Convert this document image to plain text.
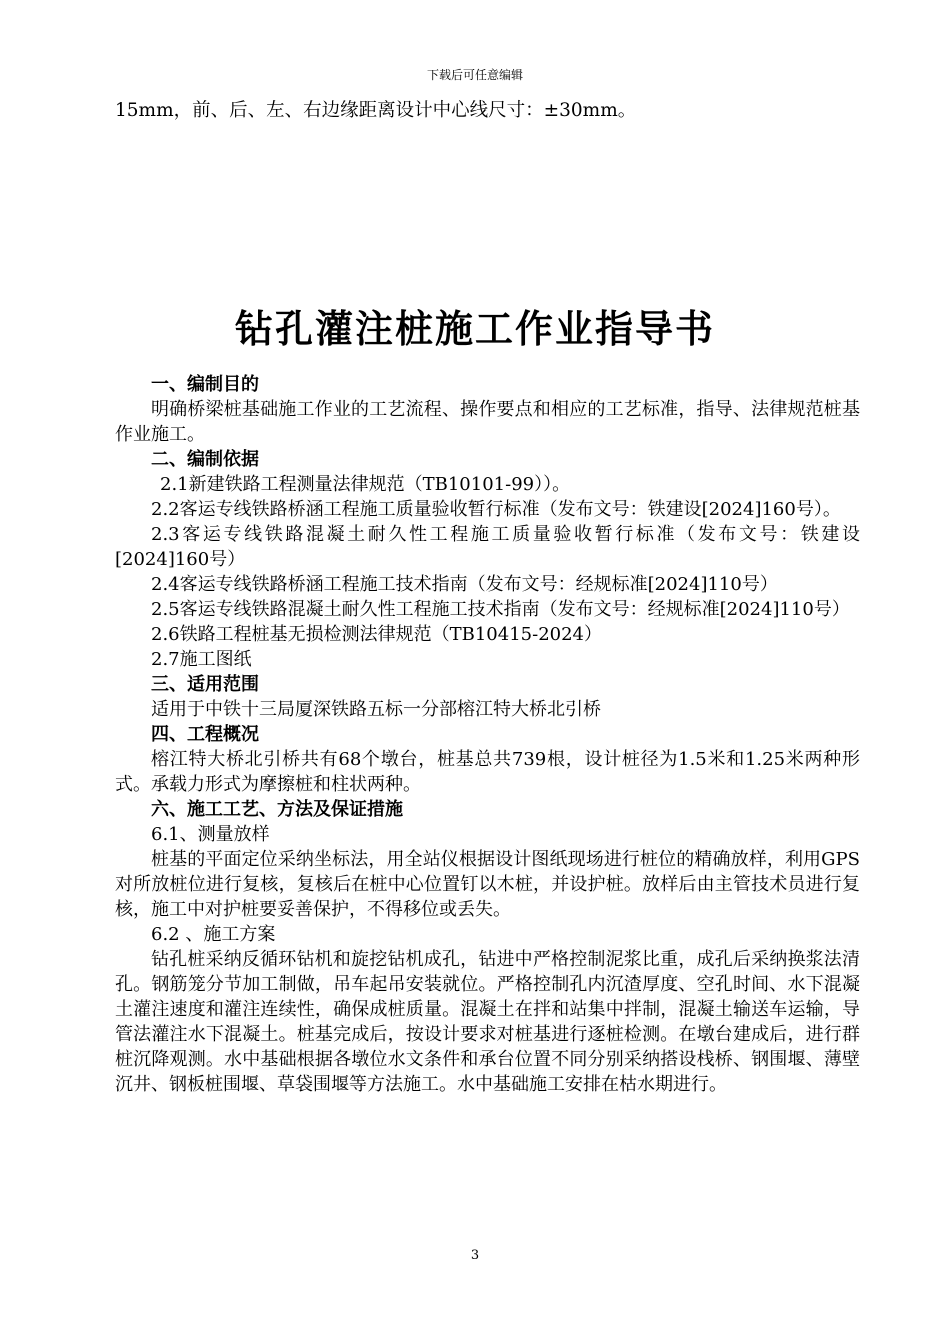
下载后可任意编辑
15mm，前、后、左、右边缘距离设计中心线尺寸：±30mm。
钻孔灌注桩施工作业指导书

一、编制目的

明确桥梁桩基础施工作业的工艺流程、操作要点和相应的工艺标准，指导、法律规范桩基作业施工。

二、编制依据

2.1新建铁路工程测量法律规范（TB10101-99））。

2.2客运专线铁路桥涵工程施工质量验收暂行标准（发布文号：铁建设[2024]160号）。

2.3客运专线铁路混凝土耐久性工程施工质量验收暂行标准（发布文号：铁建设[2024]160号）

2.4客运专线铁路桥涵工程施工技术指南（发布文号：经规标准[2024]110号）

2.5客运专线铁路混凝土耐久性工程施工技术指南（发布文号：经规标准[2024]110号）

2.6铁路工程桩基无损检测法律规范（TB10415-2024）

2.7施工图纸

三、适用范围

适用于中铁十三局厦深铁路五标一分部榕江特大桥北引桥

四、工程概况

榕江特大桥北引桥共有68个墩台，桩基总共739根，设计桩径为1.5米和1.25米两种形式。承载力形式为摩擦桩和柱状两种。

六、施工工艺、方法及保证措施

6.1、测量放样

桩基的平面定位采纳坐标法，用全站仪根据设计图纸现场进行桩位的精确放样，利用GPS对所放桩位进行复核，复核后在桩中心位置钉以木桩，并设护桩。放样后由主管技术员进行复核，施工中对护桩要妥善保护，不得移位或丢失。

6.2 、施工方案

钻孔桩采纳反循环钻机和旋挖钻机成孔，钻进中严格控制泥浆比重，成孔后采纳换浆法清孔。钢筋笼分节加工制做，吊车起吊安装就位。严格控制孔内沉渣厚度、空孔时间、水下混凝土灌注速度和灌注连续性，确保成桩质量。混凝土在拌和站集中拌制，混凝土输送车运输，导管法灌注水下混凝土。桩基完成后，按设计要求对桩基进行逐桩检测。在墩台建成后，进行群桩沉降观测。水中基础根据各墩位水文条件和承台位置不同分别采纳搭设栈桥、钢围堰、薄壁沉井、钢板桩围堰、草袋围堰等方法施工。水中基础施工安排在枯水期进行。

3
